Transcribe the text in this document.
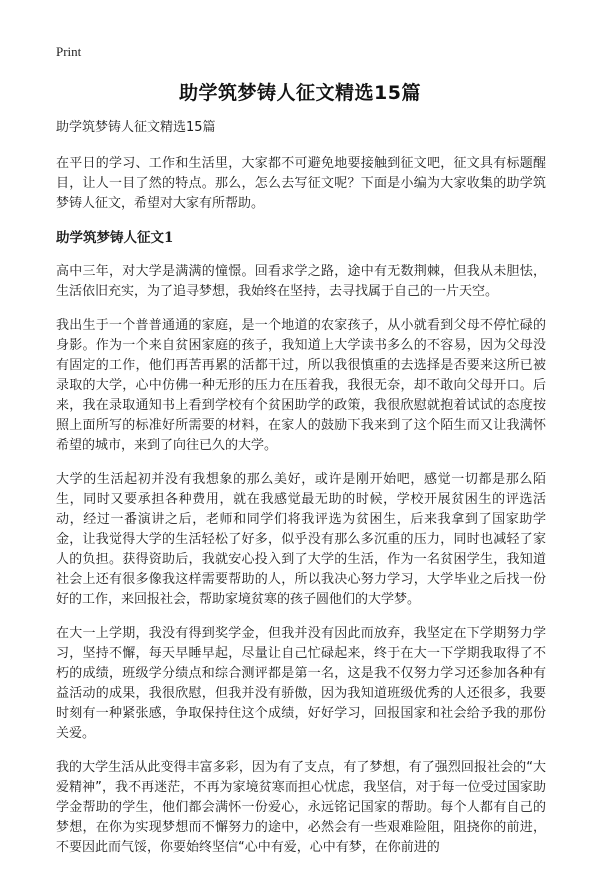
Print
助学筑梦铸人征文精选15篇

助学筑梦铸人征文精选15篇

在平日的学习、工作和生活里，大家都不可避免地要接触到征文吧，征文具有标题醒目，让人一目了然的特点。那么，怎么去写征文呢？下面是小编为大家收集的助学筑梦铸人征文，希望对大家有所帮助。

助学筑梦铸人征文1

高中三年，对大学是满满的憧憬。回看求学之路，途中有无数荆棘，但我从未胆怯，生活依旧充实，为了追寻梦想，我始终在坚持，去寻找属于自己的一片天空。

我出生于一个普普通通的家庭，是一个地道的农家孩子，从小就看到父母不停忙碌的身影。作为一个来自贫困家庭的孩子，我知道上大学读书多么的不容易，因为父母没有固定的工作，他们再苦再累的活都干过，所以我很慎重的去选择是否要来这所已被录取的大学，心中仿佛一种无形的压力在压着我，我很无奈，却不敢向父母开口。后来，我在录取通知书上看到学校有个贫困助学的政策，我很欣慰就抱着试试的态度按照上面所写的标准好所需要的材料，在家人的鼓励下我来到了这个陌生而又让我满怀希望的城市，来到了向往已久的大学。

大学的生活起初并没有我想象的那么美好，或许是刚开始吧，感觉一切都是那么陌生，同时又要承担各种费用，就在我感觉最无助的时候，学校开展贫困生的评选活动，经过一番演讲之后，老师和同学们将我评选为贫困生，后来我拿到了国家助学金，让我觉得大学的生活轻松了好多，似乎没有那么多沉重的压力，同时也减轻了家人的负担。获得资助后，我就安心投入到了大学的生活，作为一名贫困学生，我知道社会上还有很多像我这样需要帮助的人，所以我决心努力学习，大学毕业之后找一份好的工作，来回报社会，帮助家境贫寒的孩子圆他们的大学梦。

在大一上学期，我没有得到奖学金，但我并没有因此而放弃，我坚定在下学期努力学习，坚持不懈，每天早睡早起，尽量让自己忙碌起来，终于在大一下学期我取得了不朽的成绩，班级学分绩点和综合测评都是第一名，这是我不仅努力学习还参加各种有益活动的成果，我很欣慰，但我并没有骄傲，因为我知道班级优秀的人还很多，我要时刻有一种紧张感，争取保持住这个成绩，好好学习，回报国家和社会给予我的那份关爱。

我的大学生活从此变得丰富多彩，因为有了支点，有了梦想，有了强烈回报社会的“大爱精神”，我不再迷茫，不再为家境贫寒而担心忧虑，我坚信，对于每一位受过国家助学金帮助的学生，他们都会满怀一份爱心，永远铭记国家的帮助。每个人都有自己的梦想，在你为实现梦想而不懈努力的途中，必然会有一些艰难险阻，阻挠你的前进，不要因此而气馁，你要始终坚信“心中有爱，心中有梦，在你前进的
